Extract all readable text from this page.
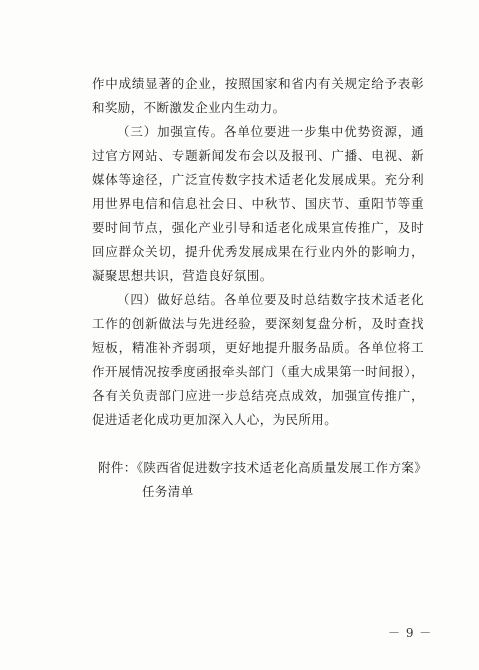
作中成绩显著的企业，按照国家和省内有关规定给予表彰和奖励，不断激发企业内生动力。

（三）加强宣传。各单位要进一步集中优势资源，通过官方网站、专题新闻发布会以及报刊、广播、电视、新媒体等途径，广泛宣传数字技术适老化发展成果。充分利用世界电信和信息社会日、中秋节、国庆节、重阳节等重要时间节点，强化产业引导和适老化成果宣传推广，及时回应群众关切，提升优秀发展成果在行业内外的影响力，凝聚思想共识，营造良好氛围。

（四）做好总结。各单位要及时总结数字技术适老化工作的创新做法与先进经验，要深刻复盘分析，及时查找短板，精准补齐弱项，更好地提升服务品质。各单位将工作开展情况按季度函报牵头部门（重大成果第一时间报），各有关负责部门应进一步总结亮点成效，加强宣传推广，促进适老化成功更加深入人心，为民所用。

附件：《陕西省促进数字技术适老化高质量发展工作方案》
任务清单
－ 9 －
